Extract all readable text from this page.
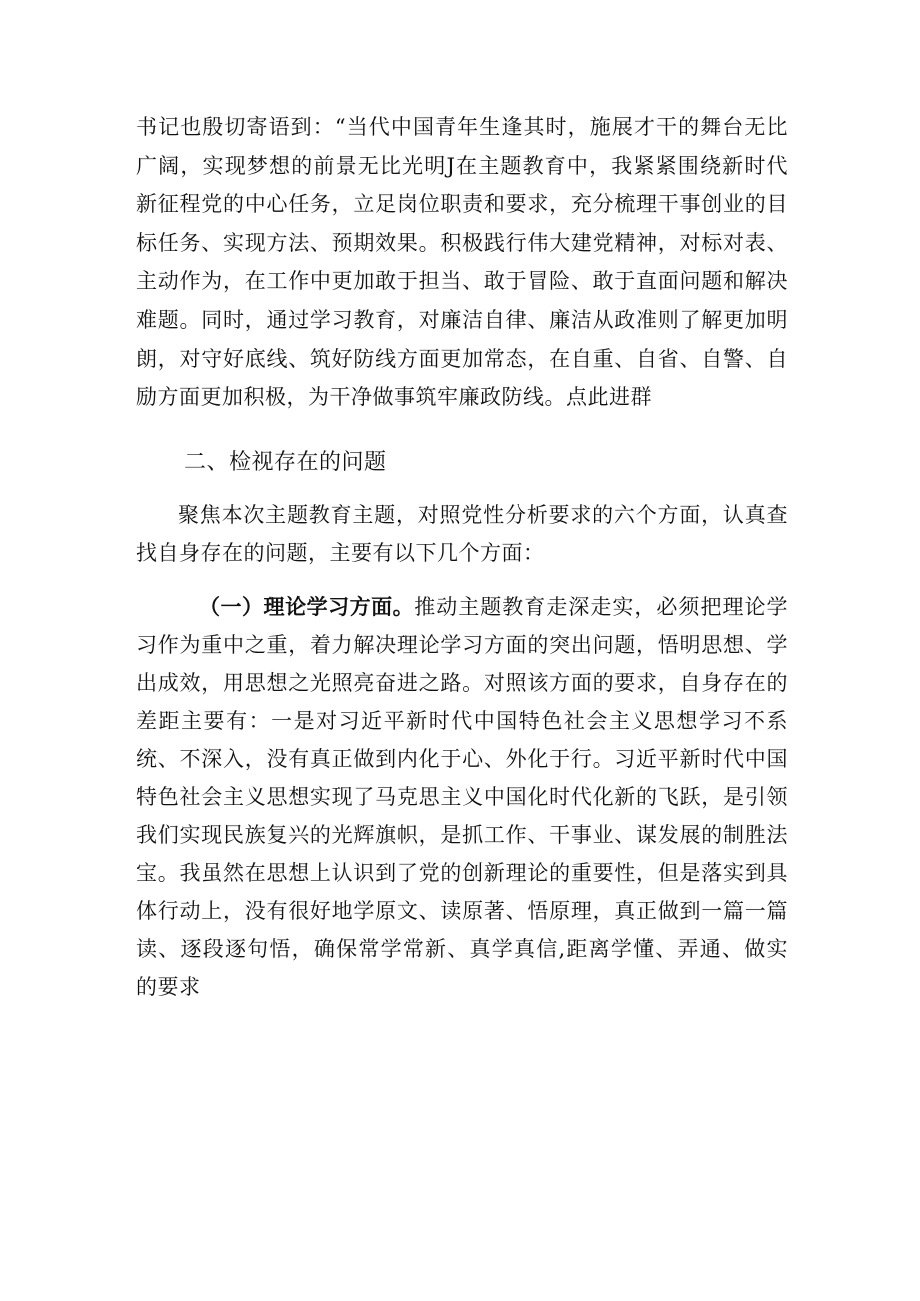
书记也殷切寄语到：“当代中国青年生逢其时，施展才干的舞台无比广阔，实现梦想的前景无比光明J在主题教育中，我紧紧围绕新时代新征程党的中心任务，立足岗位职责和要求，充分梳理干事创业的目标任务、实现方法、预期效果。积极践行伟大建党精神，对标对表、主动作为，在工作中更加敢于担当、敢于冒险、敢于直面问题和解决难题。同时，通过学习教育，对廉洁自律、廉洁从政准则了解更加明朗，对守好底线、筑好防线方面更加常态，在自重、自省、自警、自励方面更加积极，为干净做事筑牢廉政防线。点此进群

二、检视存在的问题

聚焦本次主题教育主题，对照党性分析要求的六个方面，认真查找自身存在的问题，主要有以下几个方面：

（一）理论学习方面。推动主题教育走深走实，必须把理论学习作为重中之重，着力解决理论学习方面的突出问题，悟明思想、学出成效，用思想之光照亮奋进之路。对照该方面的要求，自身存在的差距主要有：一是对习近平新时代中国特色社会主义思想学习不系统、不深入，没有真正做到内化于心、外化于行。习近平新时代中国特色社会主义思想实现了马克思主义中国化时代化新的飞跃，是引领我们实现民族复兴的光辉旗帜，是抓工作、干事业、谋发展的制胜法宝。我虽然在思想上认识到了党的创新理论的重要性，但是落实到具体行动上，没有很好地学原文、读原著、悟原理，真正做到一篇一篇读、逐段逐句悟，确保常学常新、真学真信,距离学懂、弄通、做实的要求
